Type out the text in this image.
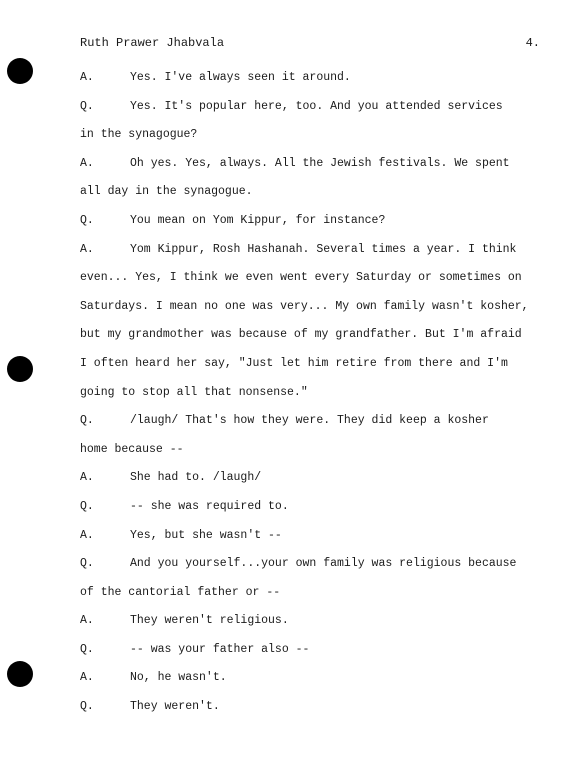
Ruth Prawer Jhabvala	4.
A.	Yes. I've always seen it around.
Q.	Yes. It's popular here, too. And you attended services
in the synagogue?
A.	Oh yes. Yes, always. All the Jewish festivals. We spent
all day in the synagogue.
Q.	You mean on Yom Kippur, for instance?
A.	Yom Kippur, Rosh Hashanah. Several times a year. I think
even... Yes, I think we even went every Saturday or sometimes on
Saturdays. I mean no one was very... My own family wasn't kosher,
but my grandmother was because of my grandfather. But I'm afraid
I often heard her say, "Just let him retire from there and I'm
going to stop all that nonsense."
Q.	/laugh/ That's how they were. They did keep a kosher
home because --
A.	She had to. /laugh/
Q.	-- she was required to.
A.	Yes, but she wasn't --
Q.	And you yourself...your own family was religious because
of the cantorial father or --
A.	They weren't religious.
Q.	-- was your father also --
A.	No, he wasn't.
Q.	They weren't.
